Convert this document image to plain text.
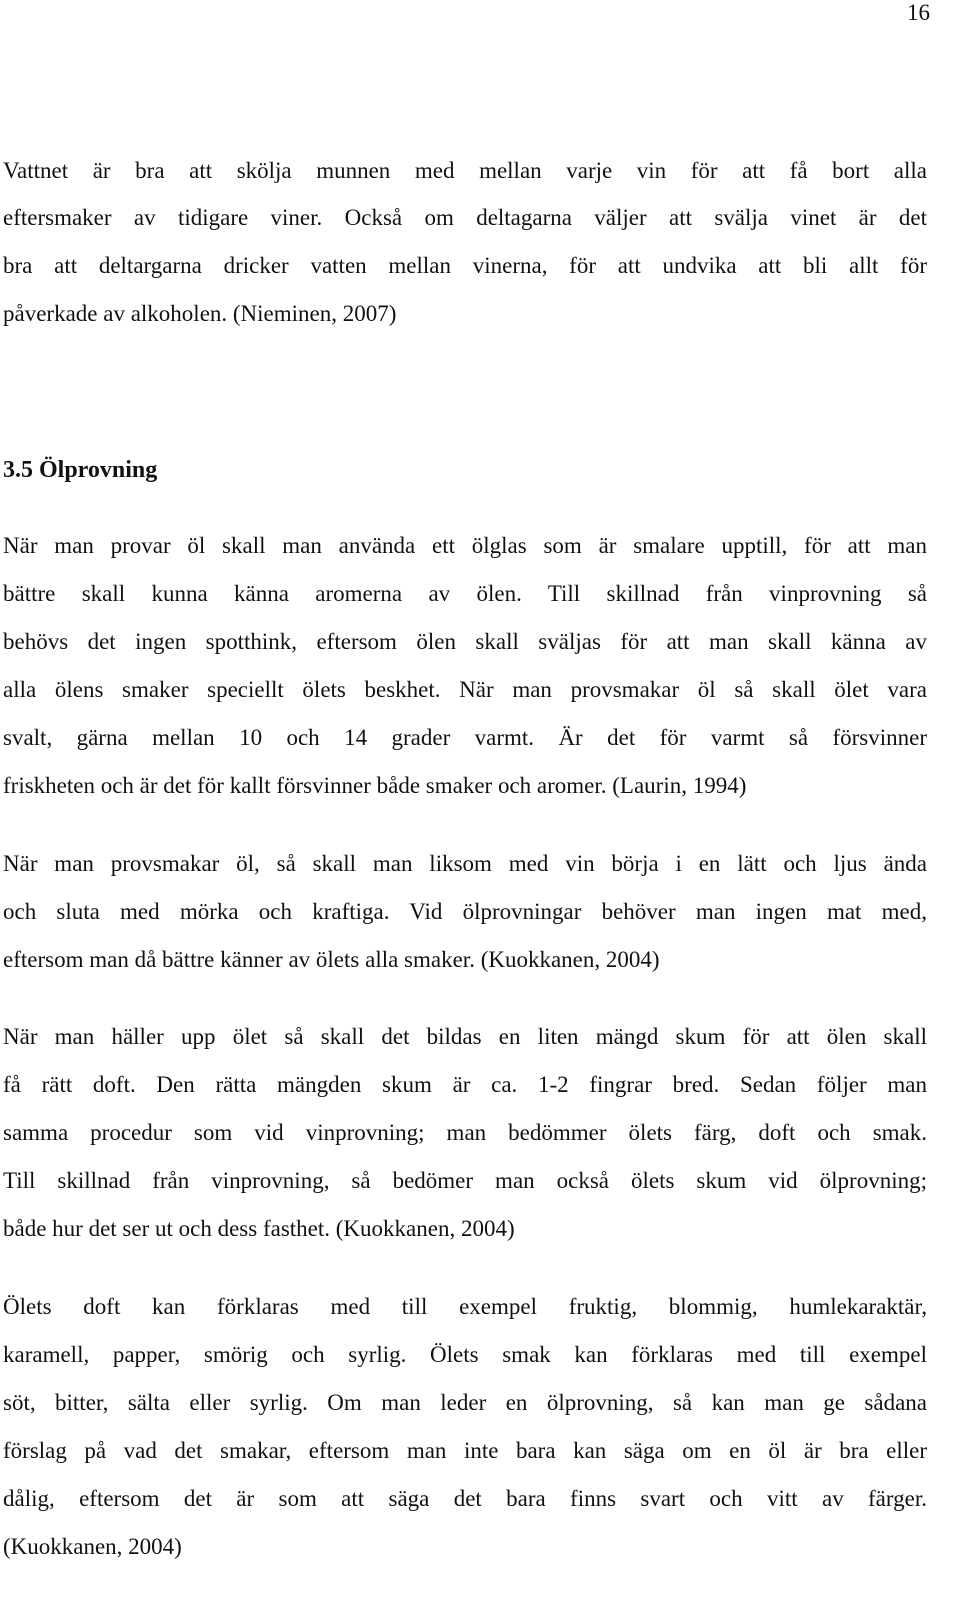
16
Vattnet är bra att skölja munnen med mellan varje vin för att få bort alla
eftersmaker av tidigare viner. Också om deltagarna väljer att svälja vinet är det
bra att deltargarna dricker vatten mellan vinerna, för att undvika att bli allt för
påverkade av alkoholen. (Nieminen, 2007)
3.5 Ölprovning
När man provar öl skall man använda ett ölglas som är smalare upptill, för att man
bättre skall kunna känna aromerna av ölen. Till skillnad från vinprovning så
behövs det ingen spotthink, eftersom ölen skall sväljas för att man skall känna av
alla ölens smaker speciellt ölets beskhet. När man provsmakar öl så skall ölet vara
svalt, gärna mellan 10 och 14 grader varmt. Är det för varmt så försvinner
friskheten och är det för kallt försvinner både smaker och aromer. (Laurin, 1994)
När man provsmakar öl, så skall man liksom med vin börja i en lätt och ljus ända
och sluta med mörka och kraftiga. Vid ölprovningar behöver man ingen mat med,
eftersom man då bättre känner av ölets alla smaker. (Kuokkanen, 2004)
När man häller upp ölet så skall det bildas en liten mängd skum för att ölen skall
få rätt doft. Den rätta mängden skum är ca. 1-2 fingrar bred. Sedan följer man
samma procedur som vid vinprovning; man bedömmer ölets färg, doft och smak.
Till skillnad från vinprovning, så bedömer man också ölets skum vid ölprovning;
både hur det ser ut och dess fasthet. (Kuokkanen, 2004)
Ölets doft kan förklaras med till exempel fruktig, blommig, humlekaraktär,
karamell, papper, smörig och syrlig. Ölets smak kan förklaras med till exempel
söt, bitter, sälta eller syrlig. Om man leder en ölprovning, så kan man ge sådana
förslag på vad det smakar, eftersom man inte bara kan säga om en öl är bra eller
dålig, eftersom det är som att säga det bara finns svart och vitt av färger.
(Kuokkanen, 2004)
